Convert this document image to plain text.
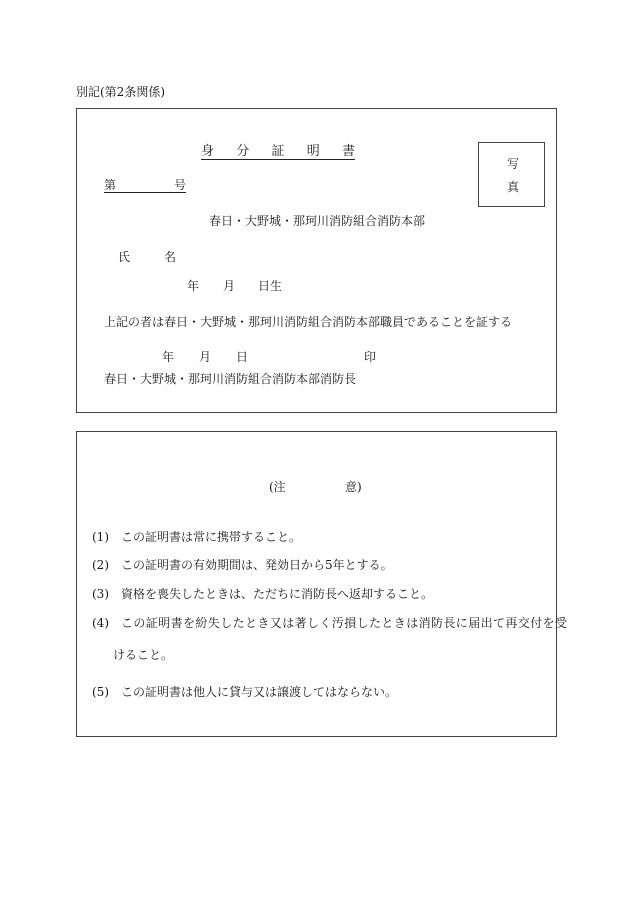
別記(第2条関係)
身 分 証 明 書
第	号
写
真
春日・大野城・那珂川消防組合消防本部
氏	名
年 月 日生
上記の者は春日・大野城・那珂川消防組合消防本部職員であることを証する
年 月 日	印
春日・大野城・那珂川消防組合消防本部消防長
(注	意)
(1) この証明書は常に携帯すること。
(2) この証明書の有効期間は、発効日から5年とする。
(3) 資格を喪失したときは、ただちに消防長へ返却すること。
(4) この証明書を紛失したとき又は著しく汚損したときは消防長に届出て再交付を受
けること。
(5) この証明書は他人に貸与又は譲渡してはならない。
